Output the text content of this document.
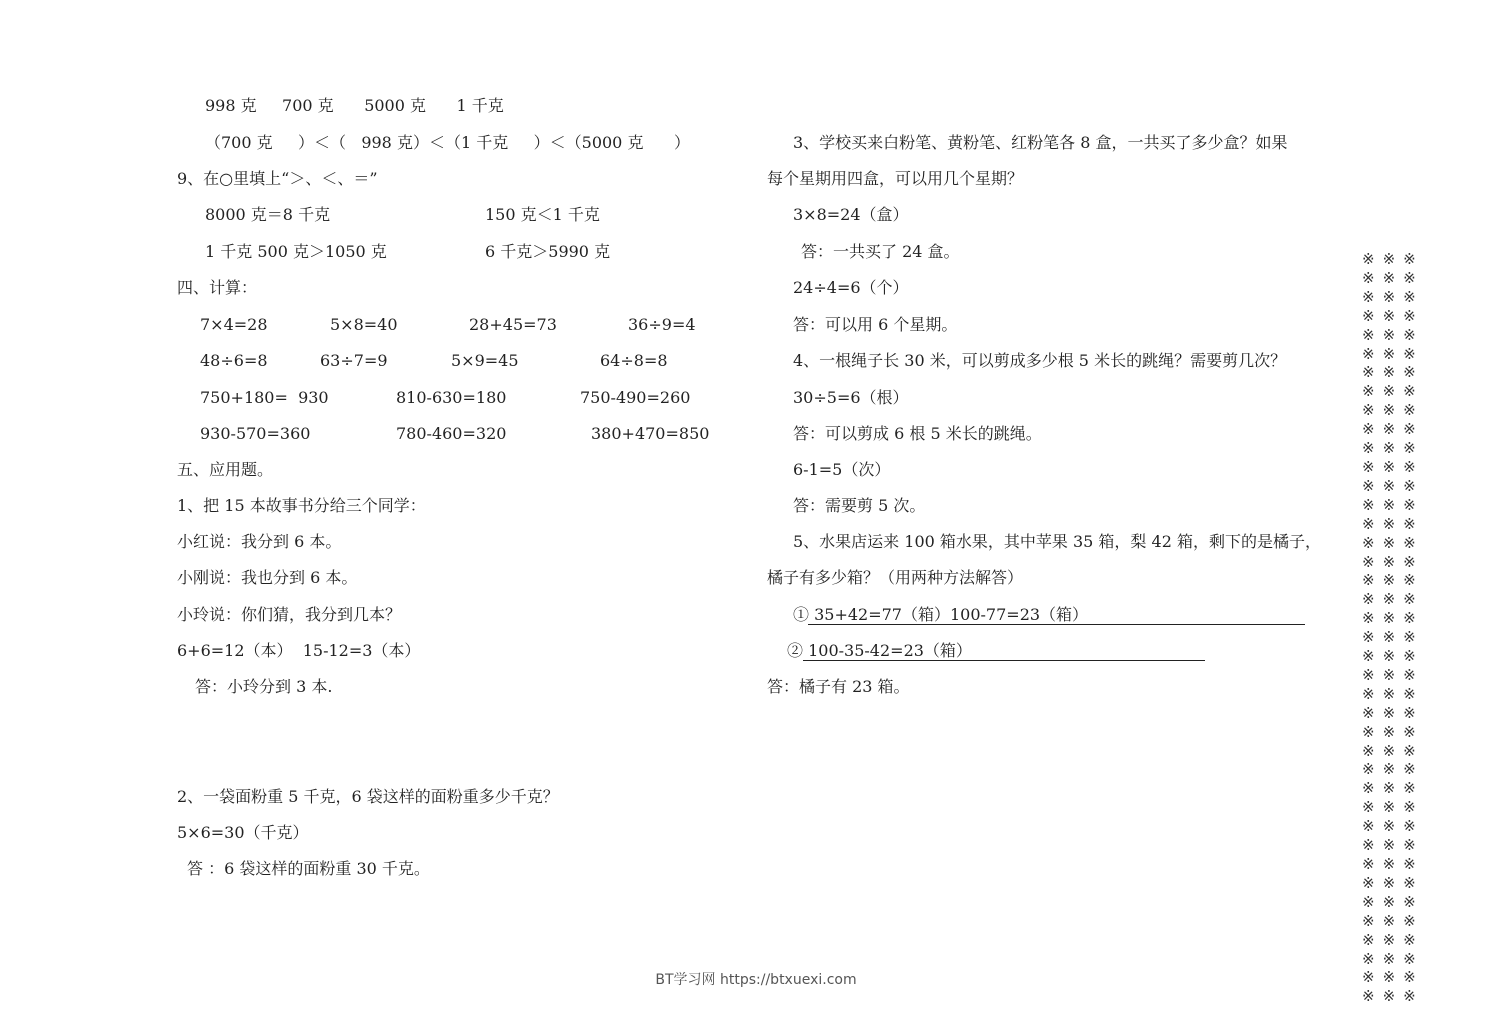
998 克     700 克      5000 克      1 千克
（700 克     ）＜（   998 克）＜（1 千克     ）＜（5000 克      ）
9、在○里填上“＞、＜、＝”
8000 克＝8 千克	150 克＜1 千克
1 千克 500 克＞1050 克	6 千克＞5990 克
四、计算：
7×4=28	5×8=40	28+45=73	36÷9=4
48÷6=8	63÷7=9	5×9=45	64÷8=8
750+180=  930	810-630=180	750-490=260
930-570=360	780-460=320	380+470=850
五、应用题。
1、把 15 本故事书分给三个同学：
小红说：我分到 6 本。
小刚说：我也分到 6 本。
小玲说：你们猜，我分到几本？
6+6=12（本）  15-12=3（本）
答：小玲分到 3 本.
2、一袋面粉重 5 千克，6 袋这样的面粉重多少千克？
5×6=30（千克）
答 ：6 袋这样的面粉重 30 千克。
3、学校买来白粉笔、黄粉笔、红粉笔各 8 盒，一共买了多少盒？如果
每个星期用四盒，可以用几个星期？
3×8=24（盒）
答：一共买了 24 盒。
24÷4=6（个）
答：可以用 6 个星期。
4、一根绳子长 30 米，可以剪成多少根 5 米长的跳绳？需要剪几次？
30÷5=6（根）
答：可以剪成 6 根 5 米长的跳绳。
6-1=5（次）
答：需要剪 5 次。
5、水果店运来 100 箱水果，其中苹果 35 箱，梨 42 箱，剩下的是橘子，
橘子有多少箱？（用两种方法解答）
① 35+42=77（箱）100-77=23（箱）
② 100-35-42=23（箱）
答：橘子有 23 箱。
※※※
※※※
※※※
※※※
※※※
※※※
※※※
※※※
※※※
※※※
※※※
※※※
※※※
※※※
※※※
※※※
※※※
※※※
※※※
※※※
※※※
※※※
※※※
※※※
※※※
※※※
※※※
※※※
※※※
※※※
※※※
※※※
※※※
※※※
※※※
※※※
※※※
※※※
※※※
※※※
BT学习网 https://btxuexi.com
